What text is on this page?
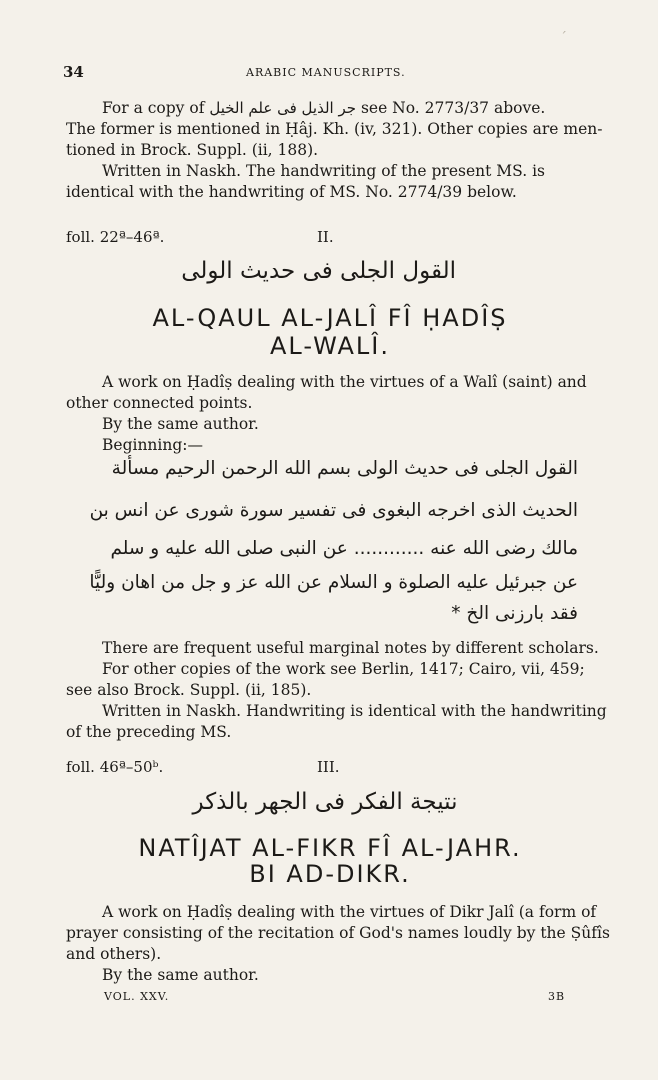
ˊ
34	ARABIC MANUSCRIPTS.
For a copy of جر الذيل فى علم الخيل see No. 2773/37 above.
The former is mentioned in Ḥâj. Kh. (iv, 321). Other copies are men-
tioned in Brock. Suppl. (ii, 188).
Written in Naskh. The handwriting of the present MS. is
identical with the handwriting of MS. No. 2774/39 below.
foll. 22ª–46ª.	II.
القول الجلى فى حديث الولى
AL-QAUL AL-JALÎ FÎ ḤADÎṢ
AL-WALÎ.
A work on Ḥadîṣ dealing with the virtues of a Walî (saint) and
other connected points.
By the same author.
Beginning:—
القول الجلى فى حديث الولى بسم الله الرحمن الرحيم مسألة
الحديث الذى اخرجه البغوى فى تفسير سورة شورى عن انس بن
مالك رضى الله عنه ............ عن النبى صلى الله عليه و سلم
عن جبرئيل عليه الصلوة و السلام عن الله عز و جل من اهان وليًّا
فقد بارزنى الخ *
There are frequent useful marginal notes by different scholars.
For other copies of the work see Berlin, 1417; Cairo, vii, 459;
see also Brock. Suppl. (ii, 185).
Written in Naskh. Handwriting is identical with the handwriting
of the preceding MS.
foll. 46ª–50ᵇ.	III.
نتيجة الفكر فى الجهر بالذكر
NATÎJAT AL-FIKR FÎ AL-JAHR.
BI AD-DIKR.
A work on Ḥadîṣ dealing with the virtues of Dikr Jalî (a form of
prayer consisting of the recitation of God's names loudly by the Ṣûfîs
and others).
By the same author.
VOL. XXV.	3B
